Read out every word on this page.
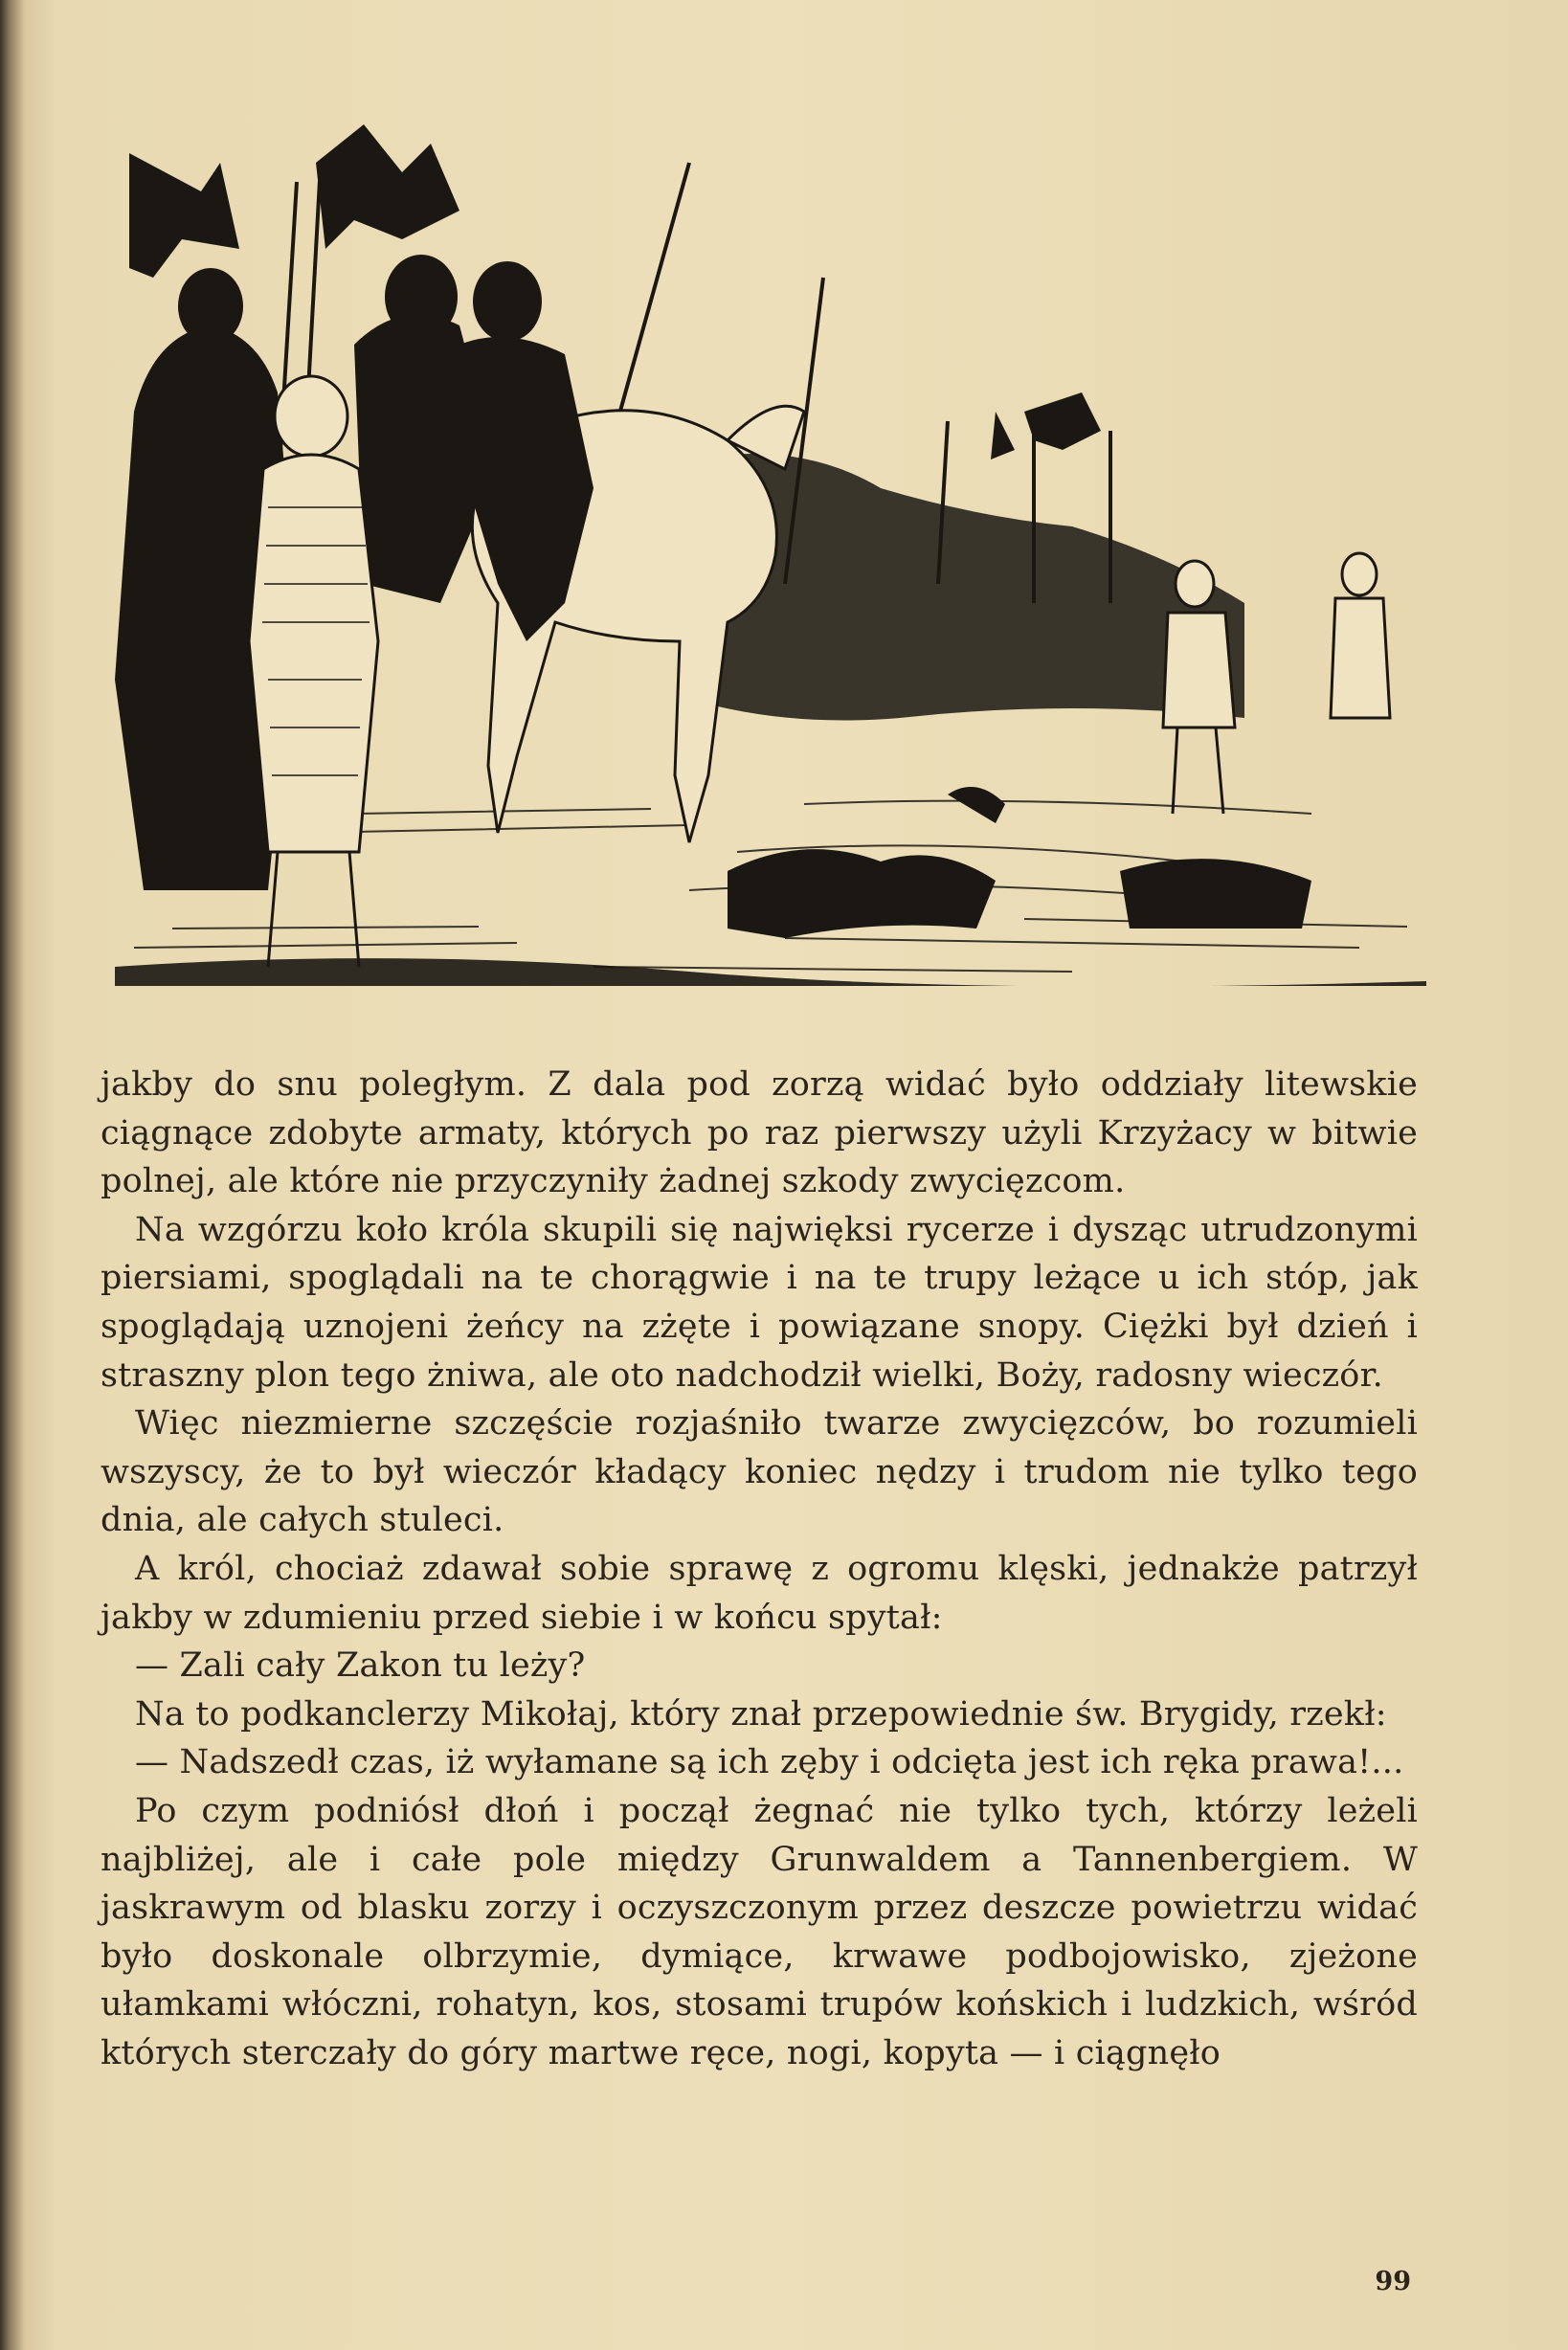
jakby do snu poległym. Z dala pod zorzą widać było oddziały litewskie ciągnące zdobyte armaty, których po raz pierwszy użyli Krzyżacy w bitwie polnej, ale które nie przyczyniły żadnej szkody zwycięzcom.

Na wzgórzu koło króla skupili się najwięksi rycerze i dysząc utrudzonymi piersiami, spoglądali na te chorągwie i na te trupy leżące u ich stóp, jak spoglądają uznojeni żeńcy na zżęte i powiązane snopy. Ciężki był dzień i straszny plon tego żniwa, ale oto nadchodził wielki, Boży, radosny wieczór.

Więc niezmierne szczęście rozjaśniło twarze zwycięzców, bo rozumieli wszyscy, że to był wieczór kładący koniec nędzy i trudom nie tylko tego dnia, ale całych stuleci.

A król, chociaż zdawał sobie sprawę z ogromu klęski, jednakże patrzył jakby w zdumieniu przed siebie i w końcu spytał:

— Zali cały Zakon tu leży?

Na to podkanclerzy Mikołaj, który znał przepowiednie św. Brygidy, rzekł:

— Nadszedł czas, iż wyłamane są ich zęby i odcięta jest ich ręka prawa!...

Po czym podniósł dłoń i począł żegnać nie tylko tych, którzy leżeli najbliżej, ale i całe pole między Grunwaldem a Tannenbergiem. W jaskrawym od blasku zorzy i oczyszczonym przez deszcze powietrzu widać było doskonale olbrzymie, dymiące, krwawe podbojowisko, zjeżone ułamkami włóczni, rohatyn, kos, stosami trupów końskich i ludzkich, wśród których sterczały do góry martwe ręce, nogi, kopyta — i ciągnęło

99
